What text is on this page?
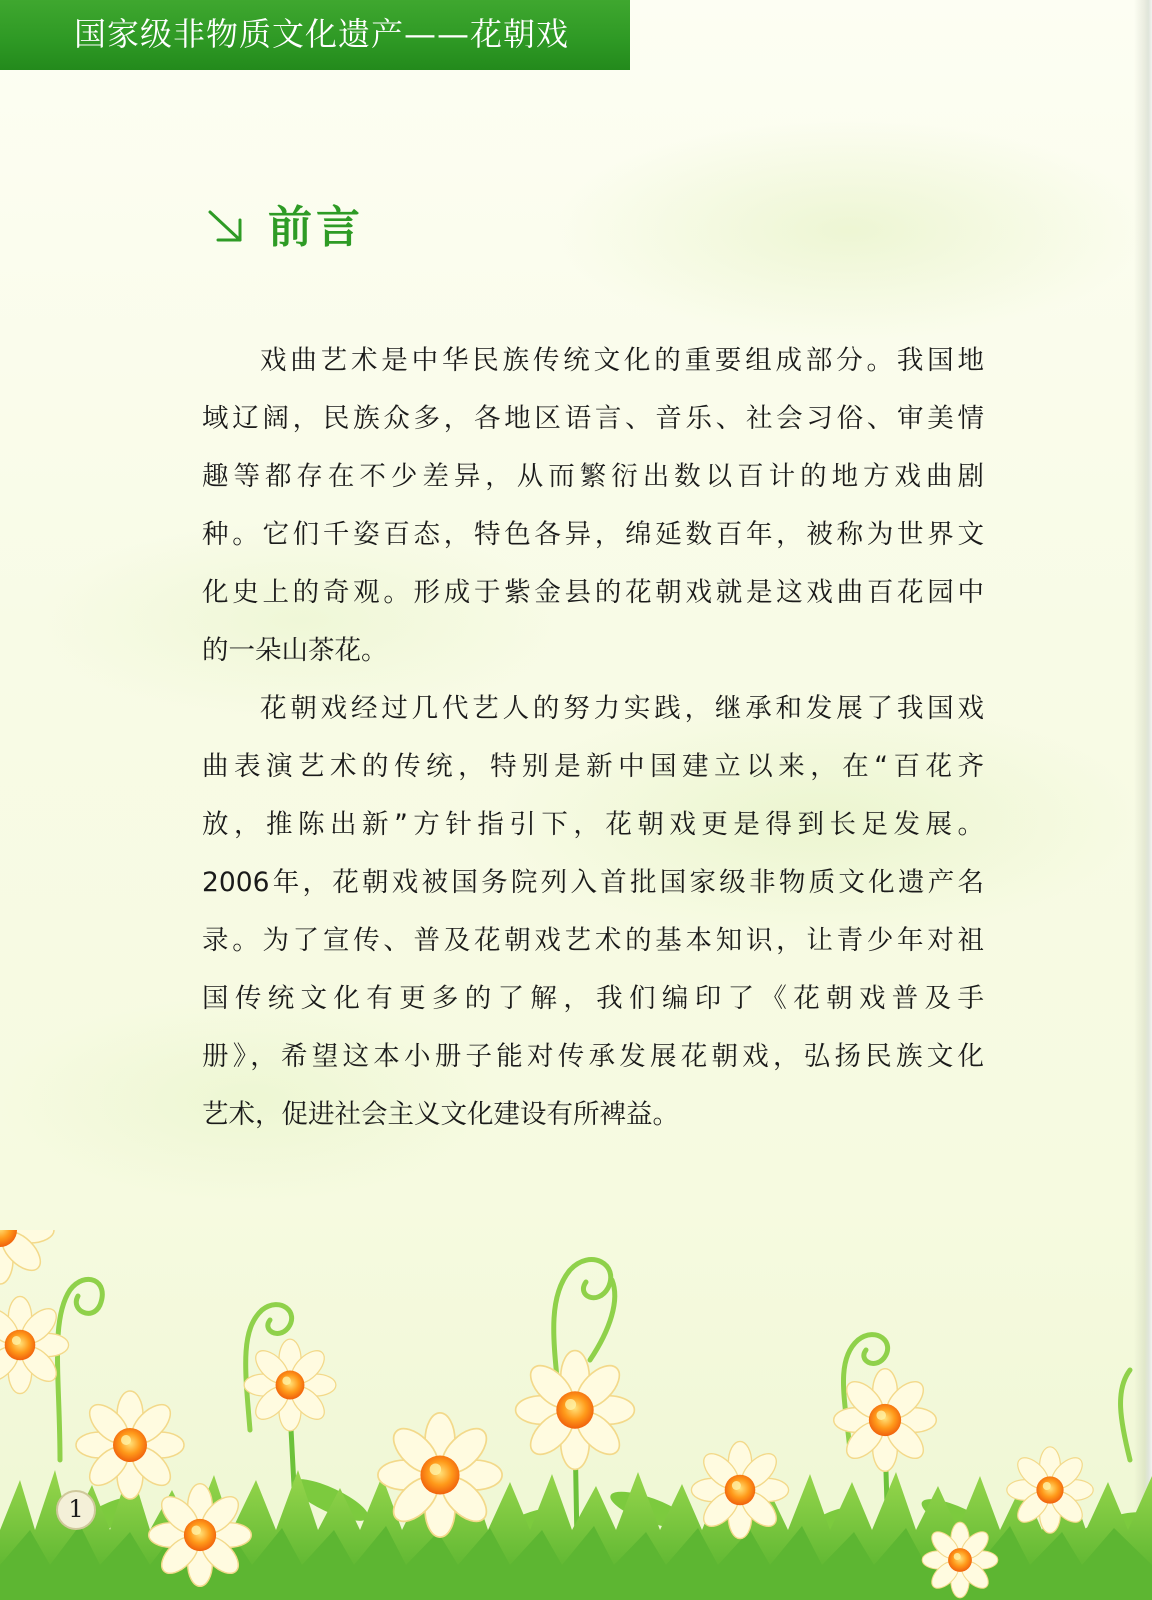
国家级非物质文化遗产——花朝戏
前言
戏曲艺术是中华民族传统文化的重要组成部分。我国地
域辽阔，民族众多，各地区语言、音乐、社会习俗、审美情
趣等都存在不少差异，从而繁衍出数以百计的地方戏曲剧
种。它们千姿百态，特色各异，绵延数百年，被称为世界文
化史上的奇观。形成于紫金县的花朝戏就是这戏曲百花园中
的一朵山茶花。
花朝戏经过几代艺人的努力实践，继承和发展了我国戏
曲表演艺术的传统，特别是新中国建立以来，在“百花齐
放，推陈出新”方针指引下，花朝戏更是得到长足发展。
2006年，花朝戏被国务院列入首批国家级非物质文化遗产名
录。为了宣传、普及花朝戏艺术的基本知识，让青少年对祖
国传统文化有更多的了解，我们编印了《花朝戏普及手
册》，希望这本小册子能对传承发展花朝戏，弘扬民族文化
艺术，促进社会主义文化建设有所裨益。
1
